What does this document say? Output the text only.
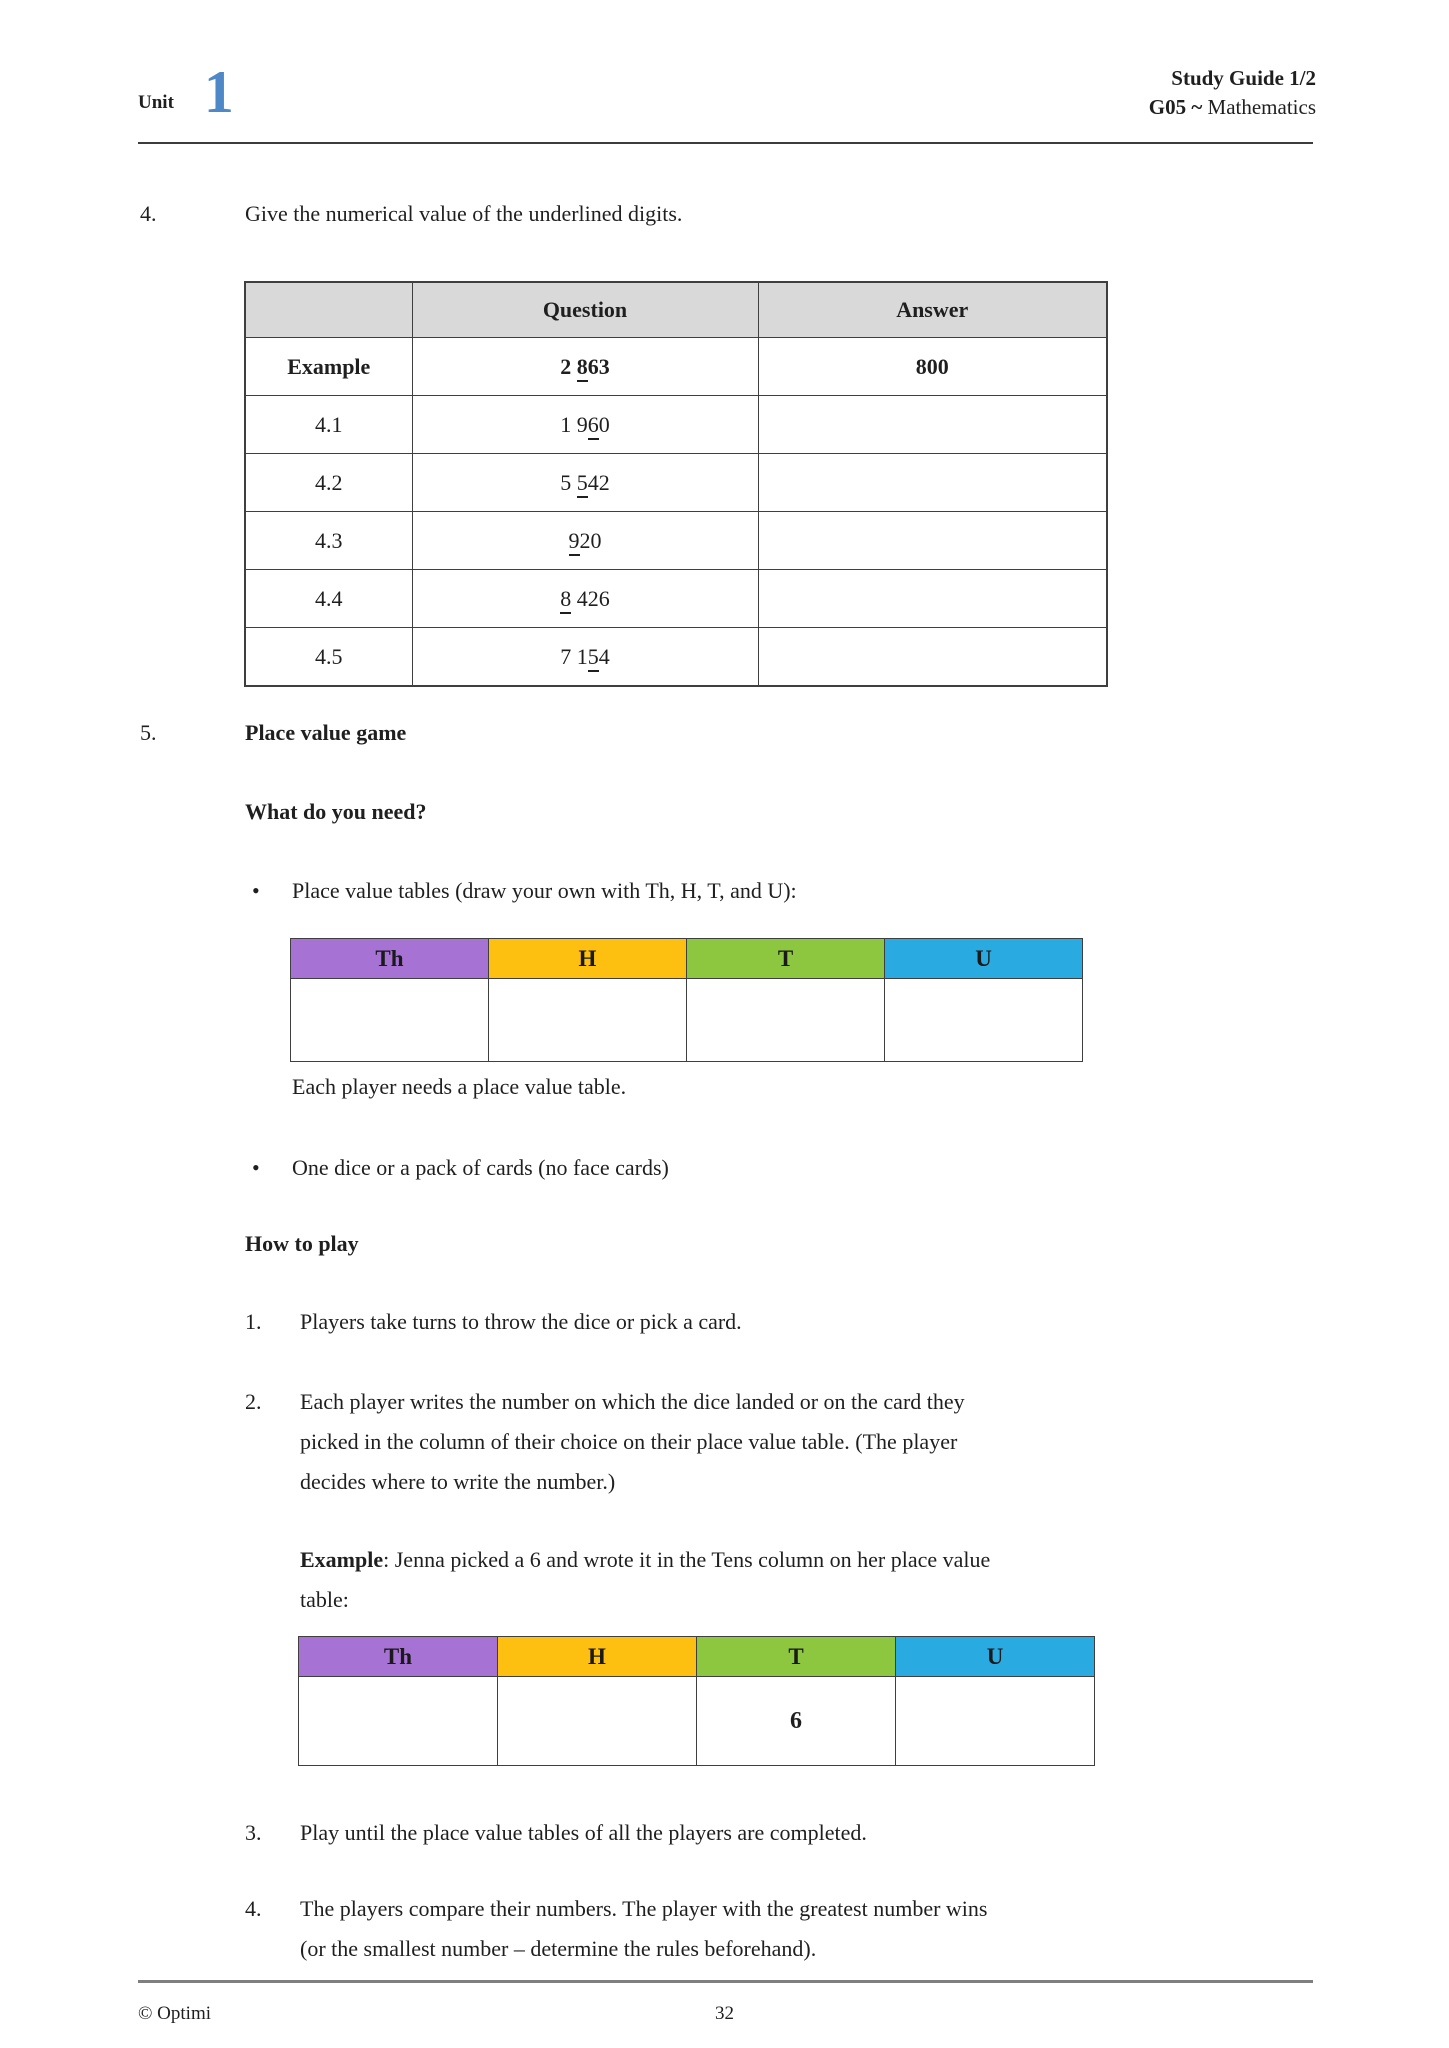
Unit 1	Study Guide 1/2
G05 ~ Mathematics
4.	Give the numerical value of the underlined digits.
	Question	Answer
Example	2 863	800
4.1	1 960	
4.2	5 542	
4.3	920	
4.4	8 426	
4.5	7 154	
5.	Place value game
What do you need?
• Place value tables (draw your own with Th, H, T, and U):
Th	H	T	U

Each player needs a place value table.
• One dice or a pack of cards (no face cards)
How to play
1. Players take turns to throw the dice or pick a card.
2. Each player writes the number on which the dice landed or on the card they
picked in the column of their choice on their place value table. (The player
decides where to write the number.)
Example: Jenna picked a 6 and wrote it in the Tens column on her place value
table:
Th	H	T	U
		6	
3. Play until the place value tables of all the players are completed.
4. The players compare their numbers. The player with the greatest number wins
(or the smallest number – determine the rules beforehand).
© Optimi	32
